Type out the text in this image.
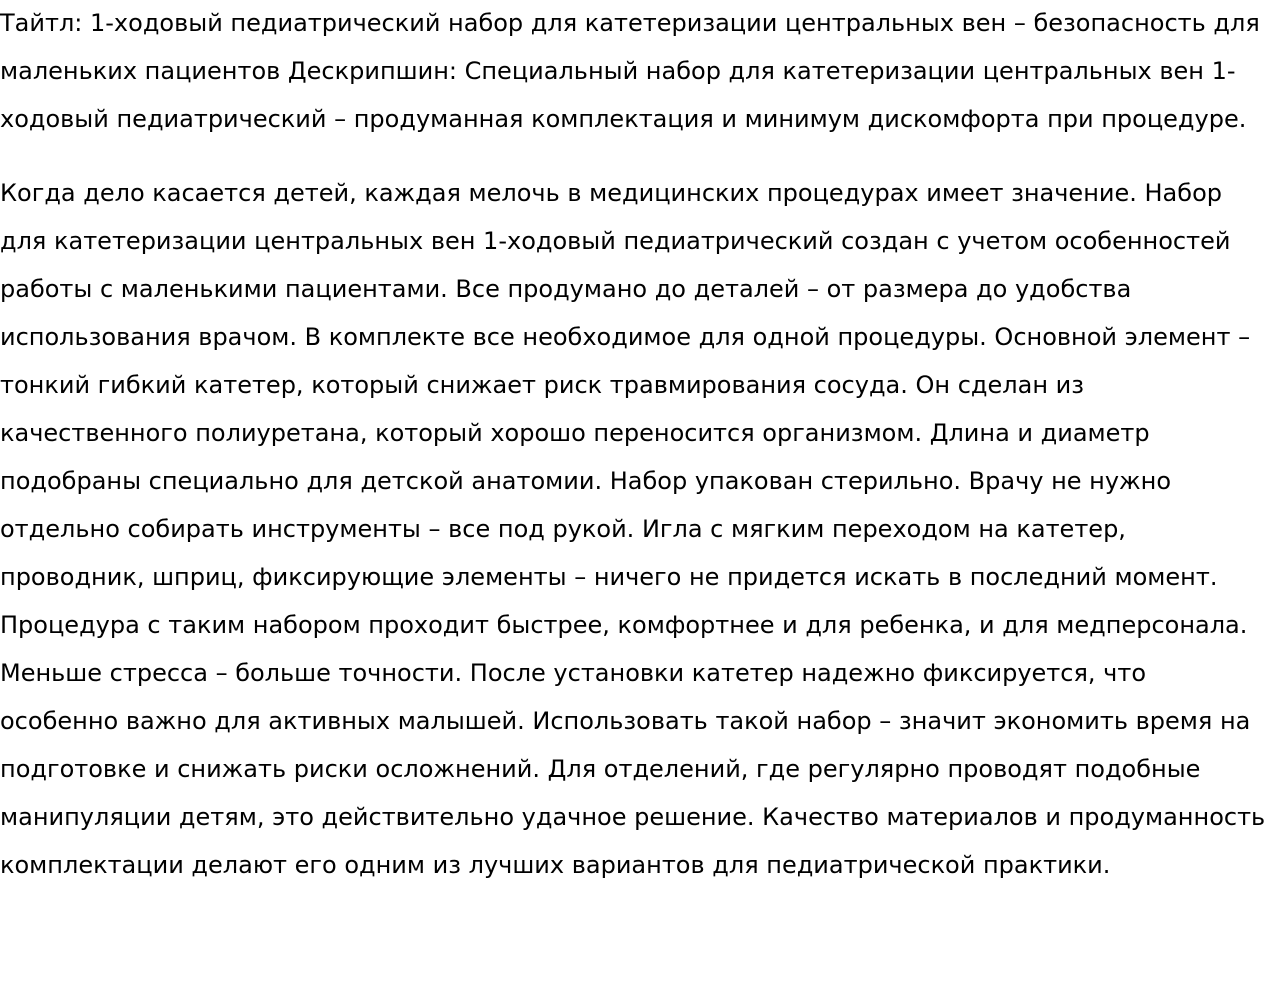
Тайтл: 1-ходовый педиатрический набор для катетеризации центральных вен – безопасность для маленьких пациентов Дескрипшин: Специальный набор для катетеризации центральных вен 1-ходовый педиатрический – продуманная комплектация и минимум дискомфорта при процедуре.

Когда дело касается детей, каждая мелочь в медицинских процедурах имеет значение. Набор для катетеризации центральных вен 1-ходовый педиатрический создан с учетом особенностей работы с маленькими пациентами. Все продумано до деталей – от размера до удобства использования врачом. В комплекте все необходимое для одной процедуры. Основной элемент – тонкий гибкий катетер, который снижает риск травмирования сосуда. Он сделан из качественного полиуретана, который хорошо переносится организмом. Длина и диаметр подобраны специально для детской анатомии. Набор упакован стерильно. Врачу не нужно отдельно собирать инструменты – все под рукой. Игла с мягким переходом на катетер, проводник, шприц, фиксирующие элементы – ничего не придется искать в последний момент. Процедура с таким набором проходит быстрее, комфортнее и для ребенка, и для медперсонала. Меньше стресса – больше точности. После установки катетер надежно фиксируется, что особенно важно для активных малышей. Использовать такой набор – значит экономить время на подготовке и снижать риски осложнений. Для отделений, где регулярно проводят подобные манипуляции детям, это действительно удачное решение. Качество материалов и продуманность комплектации делают его одним из лучших вариантов для педиатрической практики.
